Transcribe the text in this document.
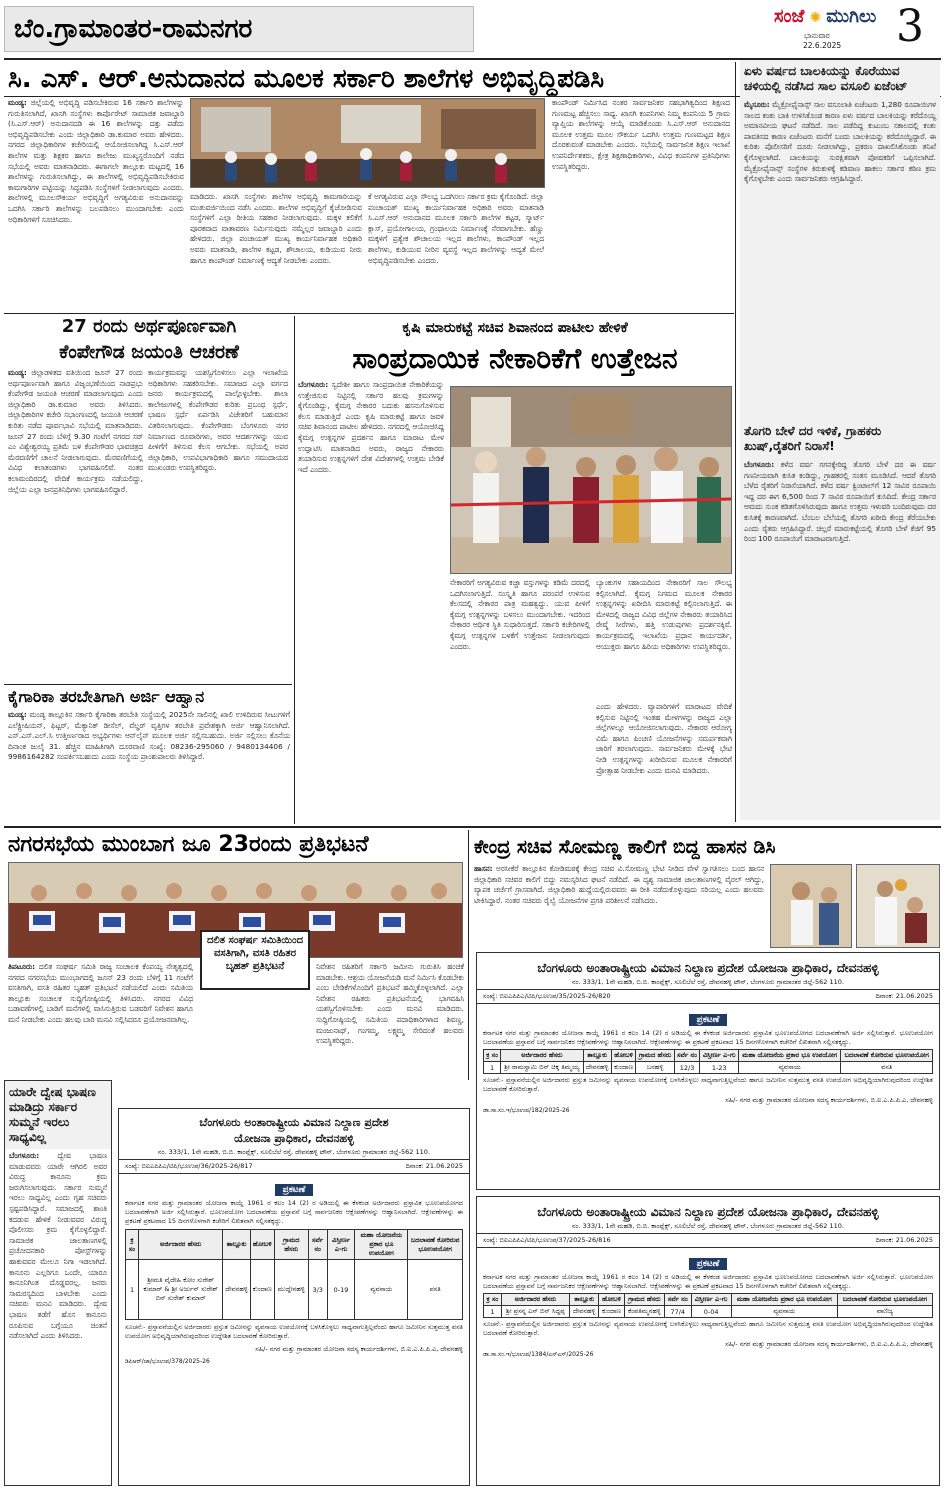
ಬೆಂ.ಗ್ರಾಮಾಂತರ-ರಾಮನಗರ	ಸಂಜೆ ✺ ಮುಗಿಲು
ಭಾನುವಾರ
22.6.2025 3
ಸಿ. ಎಸ್. ಆರ್.ಅನುದಾನದ ಮೂಲಕ ಸರ್ಕಾರಿ ಶಾಲೆಗಳ ಅಭಿವೃದ್ಧಿಪಡಿಸಿ
ಮಂಡ್ಯ: ಜಿಲ್ಲೆಯಲ್ಲಿ ಅಭಿವೃದ್ಧಿ ಪಡಿಸಬೇಕಿರುವ 16 ಸರ್ಕಾರಿ ಶಾಲೆಗಳನ್ನು ಗುರುತಿಸಲಾಗಿದೆ, ಖಾಸಗಿ ಸಂಸ್ಥೆಗಳು ಕಾರ್ಪೊರೇಟ್ ಸಾಮಾಜಿಕ ಜವಾಬ್ದಾರಿ (ಸಿ.ಎಸ್.ಆರ್) ಅನುದಾನದಡಿ ಈ 16 ಶಾಲೆಗಳನ್ನು ದತ್ತು ಪಡೆದು ಅಭಿವೃದ್ಧಿಪಡಿಸಬೇಕು ಎಂದು ಜಿಲ್ಲಾಧಿಕಾರಿ ಡಾ.ಕುಮಾರ ಅವರು ಹೇಳಿದರು. ನಗರದ ಜಿಲ್ಲಾಧಿಕಾರಿಗಳ ಕಚೇರಿಯಲ್ಲಿ ಆಯೋಜಿಸಲಾಗಿದ್ದ ಸಿ.ಎಸ್.ಆರ್ ಶಾಲೆಗಳ ಮತ್ತು ಶಿಕ್ಷಕರ ಹಾಗೂ ಕಾಲೇಜು ಮುಖ್ಯಸ್ಥರೊಂದಿಗೆ ನಡೆದ ಸಭೆಯಲ್ಲಿ ಅವರು ಮಾತನಾಡಿದರು. ಈಗಾಗಲೇ ತಾಲ್ಲೂಕು ಮಟ್ಟದಲ್ಲಿ 16 ಶಾಲೆಗಳನ್ನು ಗುರುತಿಸಲಾಗಿದ್ದು, ಈ ಶಾಲೆಗಳಲ್ಲಿ ಅಭಿವೃದ್ಧಿಪಡಿಸಬೇಕಿರುವ ಕಾಮಗಾರಿಗಳ ಪಟ್ಟಿಯನ್ನು ಸಿದ್ಧಪಡಿಸಿ ಸಂಸ್ಥೆಗಳಿಗೆ ನೀಡಲಾಗುವುದು ಎಂದರು. ಶಾಲೆಗಳಲ್ಲಿ ಮೂಲಸೌಕರ್ಯ ಅಭಿವೃದ್ಧಿಗೆ ಅಗತ್ಯವಿರುವ ಅನುದಾನವನ್ನು ಒದಗಿಸಿ ಸರ್ಕಾರಿ ಶಾಲೆಗಳನ್ನು ಬಲಪಡಿಸಲು ಮುಂದಾಗಬೇಕು ಎಂದು ಅಧಿಕಾರಿಗಳಿಗೆ ಸೂಚಿಸಿದರು.
ಮಾಡಿದರು. ಖಾಸಗಿ ಸಂಸ್ಥೆಗಳು ಶಾಲೆಗಳ ಅಭಿವೃದ್ಧಿ ಕಾಮಗಾರಿಯನ್ನು ಮುತುವರ್ಜಿಯಿಂದ ನಡೆಸಿ ಎಂದರು. ಶಾಲೆಗಳ ಅಭಿವೃದ್ಧಿಗೆ ಕೈಜೋಡಿಸುವ ಸಂಸ್ಥೆಗಳಿಗೆ ಎಲ್ಲಾ ರೀತಿಯ ಸಹಕಾರ ನೀಡಲಾಗುವುದು. ಮಕ್ಕಳ ಕಲಿಕೆಗೆ ಪೂರಕವಾದ ವಾತಾವರಣ ನಿರ್ಮಿಸುವುದು ನಮ್ಮೆಲ್ಲರ ಜವಾಬ್ದಾರಿ ಎಂದು ಹೇಳಿದರು. ಜಿಲ್ಲಾ ಪಂಚಾಯತ್ ಮುಖ್ಯ ಕಾರ್ಯನಿರ್ವಾಹಕ ಅಧಿಕಾರಿ ಅವರು ಮಾತನಾಡಿ, ಶಾಲೆಗಳ ಕಟ್ಟಡ, ಶೌಚಾಲಯ, ಕುಡಿಯುವ ನೀರು ಹಾಗೂ ಕಾಂಪೌಂಡ್ ನಿರ್ಮಾಣಕ್ಕೆ ಆದ್ಯತೆ ನೀಡಬೇಕು ಎಂದರು.
ಕೆ ಅಗತ್ಯವಿರುವ ಎಲ್ಲಾ ಸೌಲಭ್ಯ ಒದಗಿಸಲು ಸರ್ಕಾರ ಕ್ರಮ ಕೈಗೊಂಡಿದೆ. ಜಿಲ್ಲಾ ಪಂಚಾಯತ್ ಮುಖ್ಯ ಕಾರ್ಯನಿರ್ವಾಹಕ ಅಧಿಕಾರಿ ಅವರು ಮಾತನಾಡಿ ಸಿ.ಎಸ್.ಆರ್ ಅನುದಾನದ ಮೂಲಕ ಸರ್ಕಾರಿ ಶಾಲೆಗಳ ಕಟ್ಟಡ, ಸ್ಮಾರ್ಟ್ ಕ್ಲಾಸ್, ಪ್ರಯೋಗಾಲಯ, ಗ್ರಂಥಾಲಯ ನಿರ್ಮಾಣಕ್ಕೆ ನೆರವಾಗಬೇಕು. ಹೆಣ್ಣು ಮಕ್ಕಳಿಗೆ ಪ್ರತ್ಯೇಕ ಶೌಚಾಲಯ ಇಲ್ಲದ ಶಾಲೆಗಳು, ಕಾಂಪೌಂಡ್ ಇಲ್ಲದ ಶಾಲೆಗಳು, ಕುಡಿಯುವ ನೀರಿನ ವ್ಯವಸ್ಥೆ ಇಲ್ಲದ ಶಾಲೆಗಳನ್ನು ಆದ್ಯತೆ ಮೇಲೆ ಅಭಿವೃದ್ಧಿಪಡಿಸಬೇಕು ಎಂದರು.
ಕಾಂಪೌಂಡ್ ನಿರ್ಮಿಸಿದ ನಂತರ ಸಾರ್ವಜನಿಕರ ಸಹಭಾಗಿತ್ವದಿಂದ ಶಿಕ್ಷಣದ ಗುಣಮಟ್ಟ ಹೆಚ್ಚಿಸಲು ಸಾಧ್ಯ. ಖಾಸಗಿ ಕಂಪನಿಗಳು ನಿಮ್ಮ ಕಂಪನಿಯ 5 ಗ್ರಾಮ ವ್ಯಾಪ್ತಿಯ ಶಾಲೆಗಳನ್ನು ಆಯ್ಕೆ ಮಾಡಿಕೊಂಡು ಸಿ.ಎಸ್.ಆರ್ ಅನುದಾನದ ಮೂಲಕ ಉತ್ತಮ ಮೂಲ ಸೌಕರ್ಯ ಒದಗಿಸಿ ಉತ್ತಮ ಗುಣಮಟ್ಟದ ಶಿಕ್ಷಣ ದೊರಕುವಂತೆ ಮಾಡಬೇಕು ಎಂದರು. ಸಭೆಯಲ್ಲಿ ಸಾರ್ವಜನಿಕ ಶಿಕ್ಷಣ ಇಲಾಖೆ ಉಪನಿರ್ದೇಶಕರು, ಕ್ಷೇತ್ರ ಶಿಕ್ಷಣಾಧಿಕಾರಿಗಳು, ವಿವಿಧ ಕಂಪನಿಗಳ ಪ್ರತಿನಿಧಿಗಳು ಉಪಸ್ಥಿತರಿದ್ದರು.
ಏಳು ವರ್ಷದ ಬಾಲಕಿಯನ್ನು ಕೊರೆಯುವ ಚಳಿಯಲ್ಲಿ ನಡೆಸಿದ ಸಾಲ ವಸೂಲಿ ಏಜೆಂಟ್
ಮೈಸೂರು: ಮೈಕ್ರೋಫೈನಾನ್ಸ್ ಸಾಲ ವಸೂಲಾತಿ ಏಜೆಂಟರು 1,280 ರೂಪಾಯಿಗಳ ಸಾಲದ ಕಂತು ಬಾಕಿ ಉಳಿಸಿಕೊಂಡ ಕಾರಣ ಏಳು ವರ್ಷದ ಬಾಲಕಿಯನ್ನು ಕರೆದೊಯ್ದ ಅಮಾನವೀಯ ಘಟನೆ ನಡೆದಿದೆ. ಸಾಲ ಪಡೆದಿದ್ದ ಕುಟುಂಬ ಸಕಾಲದಲ್ಲಿ ಕಂತು ಪಾವತಿಸದ ಕಾರಣ ಏಜೆಂಟರು ಮನೆಗೆ ಬಂದು ಬಾಲಕಿಯನ್ನು ಕರೆದೊಯ್ದಿದ್ದಾರೆ. ಈ ಕುರಿತು ಪೊಲೀಸರಿಗೆ ದೂರು ನೀಡಲಾಗಿದ್ದು, ಪ್ರಕರಣ ದಾಖಲಿಸಿಕೊಂಡು ತನಿಖೆ ಕೈಗೊಳ್ಳಲಾಗಿದೆ. ಬಾಲಕಿಯನ್ನು ಸುರಕ್ಷಿತವಾಗಿ ಪೋಷಕರಿಗೆ ಒಪ್ಪಿಸಲಾಗಿದೆ. ಮೈಕ್ರೋಫೈನಾನ್ಸ್ ಸಂಸ್ಥೆಗಳ ಕಿರುಕುಳಕ್ಕೆ ಕಡಿವಾಣ ಹಾಕಲು ಸರ್ಕಾರ ಕಠಿಣ ಕ್ರಮ ಕೈಗೊಳ್ಳಬೇಕು ಎಂದು ಸಾರ್ವಜನಿಕರು ಆಗ್ರಹಿಸಿದ್ದಾರೆ.
ತೊಗರಿ ಬೇಳೆ ದರ ಇಳಿಕೆ, ಗ್ರಾಹಕರು ಖುಷ್,ರೈತರಿಗೆ ನಿರಾಸೆ!
ಬೆಂಗಳೂರು: ಕಳೆದ ವರ್ಷ ಗಗನಕ್ಕೇರಿದ್ದ ತೊಗರಿ ಬೇಳೆ ದರ ಈ ವರ್ಷ ಗಣನೀಯವಾಗಿ ಕುಸಿತ ಕಂಡಿದ್ದು, ಗ್ರಾಹಕರಲ್ಲಿ ಸಂತಸ ಮೂಡಿಸಿದೆ. ಆದರೆ ತೊಗರಿ ಬೆಳೆದ ರೈತರಿಗೆ ನಿರಾಸೆಯಾಗಿದೆ. ಕಳೆದ ವರ್ಷ ಕ್ವಿಂಟಾಲ್‌ಗೆ 12 ಸಾವಿರ ರೂಪಾಯಿ ಇದ್ದ ದರ ಈಗ 6,500 ರಿಂದ 7 ಸಾವಿರ ರೂಪಾಯಿಗೆ ಕುಸಿದಿದೆ. ಕೇಂದ್ರ ಸರ್ಕಾರ ಆಮದು ಸುಂಕ ಕಡಿತಗೊಳಿಸಿರುವುದು ಹಾಗೂ ಉತ್ತಮ ಇಳುವರಿ ಬಂದಿರುವುದು ದರ ಕುಸಿತಕ್ಕೆ ಕಾರಣವಾಗಿದೆ. ಬೆಂಬಲ ಬೆಲೆಯಲ್ಲಿ ತೊಗರಿ ಖರೀದಿ ಕೇಂದ್ರ ತೆರೆಯಬೇಕು ಎಂದು ರೈತರು ಆಗ್ರಹಿಸಿದ್ದಾರೆ. ಚಿಲ್ಲರೆ ಮಾರುಕಟ್ಟೆಯಲ್ಲಿ ತೊಗರಿ ಬೇಳೆ ಕೆಜಿಗೆ 95 ರಿಂದ 100 ರೂಪಾಯಿಗೆ ಮಾರಾಟವಾಗುತ್ತಿದೆ.
27 ರಂದು ಅರ್ಥಪೂರ್ಣವಾಗಿ
ಕೆಂಪೇಗೌಡ ಜಯಂತಿ ಆಚರಣೆ
ಮಂಡ್ಯ: ಜಿಲ್ಲಾಡಳಿತದ ವತಿಯಿಂದ ಜೂನ್ 27 ರಂದು ಅರ್ಥಪೂರ್ಣವಾಗಿ ಹಾಗೂ ವಿಜೃಂಭಣೆಯಿಂದ ನಾಡಪ್ರಭು ಕೆಂಪೇಗೌಡ ಜಯಂತಿ ಆಚರಣೆ ಮಾಡಲಾಗುವುದು ಎಂದು ಜಿಲ್ಲಾಧಿಕಾರಿ ಡಾ.ಕುಮಾರ ಅವರು ತಿಳಿಸಿದರು. ಜಿಲ್ಲಾಧಿಕಾರಿಗಳ ಕಚೇರಿ ಸಭಾಂಗಣದಲ್ಲಿ ಜಯಂತಿ ಆಚರಣೆ ಕುರಿತು ನಡೆದ ಪೂರ್ವಭಾವಿ ಸಭೆಯಲ್ಲಿ ಮಾತನಾಡಿದರು. ಜೂನ್ 27 ರಂದು ಬೆಳಿಗ್ಗೆ 9.30 ಗಂಟೆಗೆ ನಗರದ ಸರ್ ಎಂ ವಿಶ್ವೇಶ್ವರಯ್ಯ ಪ್ರತಿಮೆ ಬಳಿ ಕೆಂಪೇಗೌಡರ ಭಾವಚಿತ್ರದ ಮೆರವಣಿಗೆಗೆ ಚಾಲನೆ ನೀಡಲಾಗುವುದು. ಮೆರವಣಿಗೆಯಲ್ಲಿ ವಿವಿಧ ಕಲಾತಂಡಗಳು ಭಾಗವಹಿಸಲಿವೆ. ನಂತರ ಕಲಾಮಂದಿರದಲ್ಲಿ ವೇದಿಕೆ ಕಾರ್ಯಕ್ರಮ ನಡೆಯಲಿದ್ದು, ಜಿಲ್ಲೆಯ ಎಲ್ಲಾ ಜನಪ್ರತಿನಿಧಿಗಳು ಭಾಗವಹಿಸಲಿದ್ದಾರೆ.
ಕಾರ್ಯಕ್ರಮವನ್ನು ಯಶಸ್ವಿಗೊಳಿಸಲು ಎಲ್ಲಾ ಇಲಾಖೆಯ ಅಧಿಕಾರಿಗಳು ಸಹಕರಿಸಬೇಕು. ಸಮಾಜದ ಎಲ್ಲಾ ವರ್ಗದ ಜನರು ಕಾರ್ಯಕ್ರಮದಲ್ಲಿ ಪಾಲ್ಗೊಳ್ಳಬೇಕು. ಶಾಲಾ ಕಾಲೇಜುಗಳಲ್ಲಿ ಕೆಂಪೇಗೌಡರ ಕುರಿತು ಪ್ರಬಂಧ ಸ್ಪರ್ಧೆ, ಭಾಷಣ ಸ್ಪರ್ಧೆ ಏರ್ಪಡಿಸಿ ವಿಜೇತರಿಗೆ ಬಹುಮಾನ ವಿತರಿಸಲಾಗುವುದು. ಕೆಂಪೇಗೌಡರು ಬೆಂಗಳೂರು ನಗರ ನಿರ್ಮಾಣದ ರೂವಾರಿಗಳು, ಅವರ ಆದರ್ಶಗಳನ್ನು ಯುವ ಪೀಳಿಗೆಗೆ ತಿಳಿಸುವ ಕೆಲಸ ಆಗಬೇಕು. ಸಭೆಯಲ್ಲಿ ಅಪರ ಜಿಲ್ಲಾಧಿಕಾರಿ, ಉಪವಿಭಾಗಾಧಿಕಾರಿ ಹಾಗೂ ಸಮುದಾಯದ ಮುಖಂಡರು ಉಪಸ್ಥಿತರಿದ್ದರು.
ಕೈಗಾರಿಕಾ ತರಬೇತಿಗಾಗಿ ಅರ್ಜಿ ಆಹ್ವಾನ
ಮಂಡ್ಯ: ಮಂಡ್ಯ ತಾಲ್ಲೂಕಿನ ಸರ್ಕಾರಿ ಕೈಗಾರಿಕಾ ತರಬೇತಿ ಸಂಸ್ಥೆಯಲ್ಲಿ 2025ನೇ ಸಾಲಿನಲ್ಲಿ ಖಾಲಿ ಉಳಿದಿರುವ ಸೀಟುಗಳಿಗೆ ಎಲೆಕ್ಟ್ರೀಷಿಯನ್, ಫಿಟ್ಟರ್, ಮೆಕ್ಯಾನಿಕ್ ಡೀಸೆಲ್, ವೆಲ್ಡರ್ ವೃತ್ತಿಗಳ ತರಬೇತಿ ಪ್ರವೇಶಕ್ಕಾಗಿ ಅರ್ಜಿ ಆಹ್ವಾನಿಸಲಾಗಿದೆ. ಎಸ್.ಎಸ್.ಎಲ್.ಸಿ ಉತ್ತೀರ್ಣರಾದ ಅಭ್ಯರ್ಥಿಗಳು ಆನ್‌ಲೈನ್ ಮೂಲಕ ಅರ್ಜಿ ಸಲ್ಲಿಸಬಹುದು. ಅರ್ಜಿ ಸಲ್ಲಿಸಲು ಕೊನೆಯ ದಿನಾಂಕ ಜುಲೈ 31. ಹೆಚ್ಚಿನ ಮಾಹಿತಿಗಾಗಿ ದೂರವಾಣಿ ಸಂಖ್ಯೆ: 08236-295060 / 9480134406 / 9986164282 ಸಂಪರ್ಕಿಸಬಹುದು ಎಂದು ಸಂಸ್ಥೆಯ ಪ್ರಾಂಶುಪಾಲರು ತಿಳಿಸಿದ್ದಾರೆ.
ಕೃಷಿ ಮಾರುಕಟ್ಟೆ ಸಚಿವ ಶಿವಾನಂದ ಪಾಟೀಲ ಹೇಳಿಕೆ
ಸಾಂಪ್ರದಾಯಿಕ ನೇಕಾರಿಕೆಗೆ ಉತ್ತೇಜನ
ಬೆಂಗಳೂರು: ಸ್ವದೇಶೀ ಹಾಗೂ ಸಾಂಪ್ರದಾಯಿಕ ನೇಕಾರಿಕೆಯನ್ನು ಉತ್ತೇಜಿಸುವ ನಿಟ್ಟಿನಲ್ಲಿ ಸರ್ಕಾರ ಹಲವು ಕ್ರಮಗಳನ್ನು ಕೈಗೊಂಡಿದ್ದು, ಕೈಮಗ್ಗ ನೇಕಾರರ ಬದುಕು ಹಸನುಗೊಳಿಸುವ ಕೆಲಸ ಮಾಡುತ್ತಿದೆ ಎಂದು ಕೃಷಿ ಮಾರುಕಟ್ಟೆ ಹಾಗೂ ಜವಳಿ ಸಚಿವ ಶಿವಾನಂದ ಪಾಟೀಲ ಹೇಳಿದರು. ನಗರದಲ್ಲಿ ಆಯೋಜಿಸಿದ್ದ ಕೈಮಗ್ಗ ಉತ್ಪನ್ನಗಳ ಪ್ರದರ್ಶನ ಹಾಗೂ ಮಾರಾಟ ಮೇಳ ಉದ್ಘಾಟಿಸಿ ಮಾತನಾಡಿದ ಅವರು, ರಾಜ್ಯದ ನೇಕಾರರು ತಯಾರಿಸುವ ಉತ್ಪನ್ನಗಳಿಗೆ ದೇಶ ವಿದೇಶಗಳಲ್ಲಿ ಉತ್ತಮ ಬೇಡಿಕೆ ಇದೆ ಎಂದರು.
ನೇಕಾರರಿಗೆ ಅಗತ್ಯವಿರುವ ಕಚ್ಚಾ ವಸ್ತುಗಳನ್ನು ಕಡಿಮೆ ದರದಲ್ಲಿ ಒದಗಿಸಲಾಗುತ್ತಿದೆ. ಸಂಸ್ಕೃತಿ ಹಾಗೂ ಪರಂಪರೆ ಉಳಿಸುವ ಕೆಲಸದಲ್ಲಿ ನೇಕಾರರ ಪಾತ್ರ ಮಹತ್ವದ್ದು. ಯುವ ಪೀಳಿಗೆ ಕೈಮಗ್ಗ ಉತ್ಪನ್ನಗಳನ್ನು ಬಳಸಲು ಮುಂದಾಗಬೇಕು. ಇದರಿಂದ ನೇಕಾರರ ಆರ್ಥಿಕ ಸ್ಥಿತಿ ಸುಧಾರಿಸುತ್ತದೆ. ಸರ್ಕಾರಿ ಕಚೇರಿಗಳಲ್ಲಿ ಕೈಮಗ್ಗ ಉತ್ಪನ್ನಗಳ ಬಳಕೆಗೆ ಉತ್ತೇಜನ ನೀಡಲಾಗುವುದು ಎಂದರು.
ಬ್ಯಾಂಕುಗಳ ಸಹಾಯದಿಂದ ನೇಕಾರರಿಗೆ ಸಾಲ ಸೌಲಭ್ಯ ಕಲ್ಪಿಸಲಾಗಿದೆ. ಕೈಮಗ್ಗ ನಿಗಮದ ಮೂಲಕ ನೇಕಾರರ ಉತ್ಪನ್ನಗಳನ್ನು ಖರೀದಿಸಿ ಮಾರುಕಟ್ಟೆ ಕಲ್ಪಿಸಲಾಗುತ್ತಿದೆ. ಈ ಮೇಳದಲ್ಲಿ ರಾಜ್ಯದ ವಿವಿಧ ಜಿಲ್ಲೆಗಳ ನೇಕಾರರು ತಯಾರಿಸಿದ ರೇಷ್ಮೆ ಸೀರೆಗಳು, ಹತ್ತಿ ಉಡುಪುಗಳು ಪ್ರದರ್ಶನಕ್ಕಿವೆ. ಕಾರ್ಯಕ್ರಮದಲ್ಲಿ ಇಲಾಖೆಯ ಪ್ರಧಾನ ಕಾರ್ಯದರ್ಶಿ, ಆಯುಕ್ತರು ಹಾಗೂ ಹಿರಿಯ ಅಧಿಕಾರಿಗಳು ಉಪಸ್ಥಿತರಿದ್ದರು.
ಎಂದು ಹೇಳಿದರು. ವ್ಯಾಪಾರಿಗಳಿಗೆ ಮಾರಾಟದ ವೇದಿಕೆ ಕಲ್ಪಿಸುವ ನಿಟ್ಟಿನಲ್ಲಿ ಇಂತಹ ಮೇಳಗಳನ್ನು ರಾಜ್ಯದ ಎಲ್ಲಾ ಜಿಲ್ಲೆಗಳಲ್ಲೂ ಆಯೋಜಿಸಲಾಗುವುದು. ನೇಕಾರರ ಆರೋಗ್ಯ ವಿಮೆ ಹಾಗೂ ಪಿಂಚಣಿ ಯೋಜನೆಗಳನ್ನು ಸಮರ್ಪಕವಾಗಿ ಜಾರಿಗೆ ತರಲಾಗುವುದು. ಸಾರ್ವಜನಿಕರು ಮೇಳಕ್ಕೆ ಭೇಟಿ ನೀಡಿ ಉತ್ಪನ್ನಗಳನ್ನು ಖರೀದಿಸುವ ಮೂಲಕ ನೇಕಾರರಿಗೆ ಪ್ರೋತ್ಸಾಹ ನೀಡಬೇಕು ಎಂದು ಮನವಿ ಮಾಡಿದರು.
ನಗರಸಭೆಯ ಮುಂಬಾಗ ಜೂ 23ರಂದು ಪ್ರತಿಭಟನೆ
ದಲಿತ ಸಂಘರ್ಷ ಸಮಿತಿಯಿಂದ ವಸತಿಗಾಗಿ, ವಸತಿ ರಹಿತರ ಬೃಹತ್ ಪ್ರತಿಭಟನೆ
ತಿಪಟೂರು: ದಲಿತ ಸಂಘರ್ಷ ಸಮಿತಿ ರಾಜ್ಯ ಸಂಚಾಲಕ ಕೆಂಪಯ್ಯ ನೇತೃತ್ವದಲ್ಲಿ ನಗರದ ನಗರಸಭೆಯ ಮುಂಭಾಗದಲ್ಲಿ ಜೂನ್ 23 ರಂದು ಬೆಳಿಗ್ಗೆ 11 ಗಂಟೆಗೆ ವಸತಿಗಾಗಿ, ವಸತಿ ರಹಿತರ ಬೃಹತ್ ಪ್ರತಿಭಟನೆ ನಡೆಯಲಿದೆ ಎಂದು ಸಮಿತಿಯ ತಾಲ್ಲೂಕು ಸಂಚಾಲಕ ಸುದ್ದಿಗೋಷ್ಠಿಯಲ್ಲಿ ತಿಳಿಸಿದರು. ನಗರದ ವಿವಿಧ ಬಡಾವಣೆಗಳಲ್ಲಿ ಬಾಡಿಗೆ ಮನೆಗಳಲ್ಲಿ ವಾಸಿಸುತ್ತಿರುವ ಬಡವರಿಗೆ ನಿವೇಶನ ಹಾಗೂ ಮನೆ ನೀಡಬೇಕು ಎಂದು ಹಲವು ಬಾರಿ ಮನವಿ ಸಲ್ಲಿಸಿದರೂ ಪ್ರಯೋಜನವಾಗಿಲ್ಲ.
ನಿವೇಶನ ರಹಿತರಿಗೆ ಸರ್ಕಾರಿ ಜಮೀನು ಗುರುತಿಸಿ ಹಂಚಿಕೆ ಮಾಡಬೇಕು. ಆಶ್ರಯ ಯೋಜನೆಯಡಿ ಮನೆ ನಿರ್ಮಿಸಿ ಕೊಡಬೇಕು ಎಂಬ ಬೇಡಿಕೆಗಳೊಂದಿಗೆ ಪ್ರತಿಭಟನೆ ಹಮ್ಮಿಕೊಳ್ಳಲಾಗಿದೆ. ಎಲ್ಲಾ ನಿವೇಶನ ರಹಿತರು ಪ್ರತಿಭಟನೆಯಲ್ಲಿ ಭಾಗವಹಿಸಿ ಯಶಸ್ವಿಗೊಳಿಸಬೇಕು ಎಂದು ಮನವಿ ಮಾಡಿದರು. ಸುದ್ದಿಗೋಷ್ಠಿಯಲ್ಲಿ ಸಮಿತಿಯ ಪದಾಧಿಕಾರಿಗಳಾದ ಶಿವಣ್ಣ, ಮಂಜುನಾಥ್, ಗಂಗಮ್ಮ, ಲಕ್ಷ್ಮಮ್ಮ ಸೇರಿದಂತೆ ಹಲವರು ಉಪಸ್ಥಿತರಿದ್ದರು.
ಕೇಂದ್ರ ಸಚಿವ ಸೋಮಣ್ಣ ಕಾಲಿಗೆ ಬಿದ್ದ ಹಾಸನ ಡಿಸಿ
ಹಾಸನ: ಅರಸೀಕೆರೆ ತಾಲ್ಲೂಕಿನ ಕೋಡಿಮಠಕ್ಕೆ ಕೇಂದ್ರ ಸಚಿವ ವಿ.ಸೋಮಣ್ಣ ಭೇಟಿ ನೀಡಿದ ವೇಳೆ ಸ್ವಾಗತಿಸಲು ಬಂದ ಹಾಸನ ಜಿಲ್ಲಾಧಿಕಾರಿ ಸಚಿವರ ಕಾಲಿಗೆ ಬಿದ್ದು ನಮಸ್ಕರಿಸಿದ ಘಟನೆ ನಡೆದಿದೆ. ಈ ದೃಶ್ಯ ಸಾಮಾಜಿಕ ಜಾಲತಾಣಗಳಲ್ಲಿ ವೈರಲ್ ಆಗಿದ್ದು, ವ್ಯಾಪಕ ಚರ್ಚೆಗೆ ಗ್ರಾಸವಾಗಿದೆ. ಜಿಲ್ಲಾಧಿಕಾರಿ ಹುದ್ದೆಯಲ್ಲಿರುವವರು ಈ ರೀತಿ ನಡೆದುಕೊಳ್ಳುವುದು ಸರಿಯಲ್ಲ ಎಂದು ಹಲವರು ಟೀಕಿಸಿದ್ದಾರೆ. ನಂತರ ಸಚಿವರು ರೈಲ್ವೆ ಯೋಜನೆಗಳ ಪ್ರಗತಿ ಪರಿಶೀಲನೆ ನಡೆಸಿದರು.
ಬೆಂಗಳೂರು ಅಂತಾರಾಷ್ಟ್ರೀಯ ವಿಮಾನ ನಿಲ್ದಾಣ ಪ್ರದೇಶ ಯೋಜನಾ ಪ್ರಾಧಿಕಾರ, ದೇವನಹಳ್ಳಿ
ನಂ. 333/1, 1ನೇ ಮಹಡಿ, ಬಿ.ಬಿ. ಕಾಂಪ್ಲೆಕ್ಸ್, ಸೂಲಿಬೆಲೆ ರಸ್ತೆ, ದೇವನಹಳ್ಳಿ ಟೌನ್, ಬೆಂಗಳೂರು ಗ್ರಾಮಾಂತರ ಜಿಲ್ಲೆ-562 110.
ಸಂಖ್ಯೆ: ಬಿಐಎಪಿಪಿಎ/ಟಿಪಿ/ಭೂಉಪ/35/2025-26/820	ದಿನಾಂಕ: 21.06.2025
ಪ್ರಕಟಣೆ
ಕರ್ನಾಟಕ ನಗರ ಮತ್ತು ಗ್ರಾಮಾಂತರ ಯೋಜನಾ ಕಾಯ್ದೆ 1961 ರ ಕಲಂ 14 (2) ರ ಅಡಿಯಲ್ಲಿ ಈ ಕೆಳಕಂಡ ಅರ್ಜಿದಾರರು ಪ್ರಸ್ತಾವಿತ ಭೂಉಪಯೋಗದ ಬದಲಾವಣೆಗಾಗಿ ಅರ್ಜಿ ಸಲ್ಲಿಸಿರುತ್ತಾರೆ. ಭೂಉಪಯೋಗ ಬದಲಾವಣೆಯ ಪ್ರಸ್ತಾವನೆ ಬಗ್ಗೆ ಸಾರ್ವಜನಿಕರ ಆಕ್ಷೇಪಣೆಗಳನ್ನು ಆಹ್ವಾನಿಸಲಾಗಿದೆ. ಆಕ್ಷೇಪಣೆಗಳನ್ನು ಈ ಪ್ರಕಟಣೆ ಪ್ರಕಟವಾದ 15 ದಿನಗಳೊಳಗಾಗಿ ಕಚೇರಿಗೆ ಲಿಖಿತವಾಗಿ ಸಲ್ಲಿಸತಕ್ಕದ್ದು.
ಕ್ರ ಸಂ	ಅರ್ಜಿದಾರರ ಹೆಸರು	ತಾಲ್ಲೂಕು	ಹೋಬಳಿ	ಗ್ರಾಮದ ಹೆಸರು	ಸರ್ವೆ ನಂ	ವಿಸ್ತೀರ್ಣ ಎ-ಗು	ಮಹಾ ಯೋಜನೆಯ ಪ್ರಕಾರ ಭೂ ಉಪಯೋಗ	ಬದಲಾವಣೆ ಕೋರಿರುವ ಭೂಉಪಯೋಗ
1	ಶ್ರೀ ರಾಮಸ್ವಾಮಿ ಬಿನ್ ಚಿಕ್ಕ ತಿಮ್ಮಯ್ಯ	ದೇವನಹಳ್ಳಿ	ಕುಂದಾಣ	ಬನಹಳ್ಳಿ	12/3	1-23	ವ್ಯವಸಾಯ	ವಸತಿ
ಸೂಚನೆ:- ಪ್ರಸ್ತಾವನೆಯಲ್ಲಿನ ಅರ್ಜಿದಾರರು ಪ್ರಸ್ತುತ ಜಮೀನನ್ನು ವ್ಯವಸಾಯ ಉಪಯೋಗಕ್ಕೆ ಬಳಸಿಕೊಳ್ಳಲು ಸಾಧ್ಯವಾಗುತ್ತಿಲ್ಲವೆಂದು ಹಾಗೂ ಜಮೀನಿನ ಸುತ್ತಮುತ್ತ ವಸತಿ ಉಪಯೋಗ ಅಭಿವೃದ್ಧಿಯಾಗಿರುವುದರಿಂದ ಉದ್ದೇಶಿತ ಬದಲಾವಣೆ ಕೋರಿರುತ್ತಾರೆ.
ಸಹಿ/- ನಗರ ಮತ್ತು ಗ್ರಾಮಾಂತರ ಯೋಜನಾ ಸದಸ್ಯ ಕಾರ್ಯದರ್ಶಿಗಳು, ಬಿ.ಐ.ಎ.ಪಿ.ಪಿ.ಎ, ದೇವನಹಳ್ಳಿ
ಡಾ.ಸಾ.ಸಂ.ಇ/ಭೂಉಪ/182/2025-26
ಬೆಂಗಳೂರು ಅಂತಾರಾಷ್ಟ್ರೀಯ ವಿಮಾನ ನಿಲ್ದಾಣ ಪ್ರದೇಶ ಯೋಜನಾ ಪ್ರಾಧಿಕಾರ, ದೇವನಹಳ್ಳಿ
ನಂ. 333/1, 1ನೇ ಮಹಡಿ, ಬಿ.ಬಿ. ಕಾಂಪ್ಲೆಕ್ಸ್, ಸೂಲಿಬೆಲೆ ರಸ್ತೆ, ದೇವನಹಳ್ಳಿ ಟೌನ್, ಬೆಂಗಳೂರು ಗ್ರಾಮಾಂತರ ಜಿಲ್ಲೆ-562 110.
ಸಂಖ್ಯೆ: ಬಿಐಎಪಿಪಿಎ/ಟಿಪಿ/ಭೂಉಪ/37/2025-26/816	ದಿನಾಂಕ: 21.06.2025
ಪ್ರಕಟಣೆ
ಕರ್ನಾಟಕ ನಗರ ಮತ್ತು ಗ್ರಾಮಾಂತರ ಯೋಜನಾ ಕಾಯ್ದೆ 1961 ರ ಕಲಂ 14 (2) ರ ಅಡಿಯಲ್ಲಿ ಈ ಕೆಳಕಂಡ ಅರ್ಜಿದಾರರು ಪ್ರಸ್ತಾವಿತ ಭೂಉಪಯೋಗದ ಬದಲಾವಣೆಗಾಗಿ ಅರ್ಜಿ ಸಲ್ಲಿಸಿರುತ್ತಾರೆ. ಭೂಉಪಯೋಗ ಬದಲಾವಣೆಯ ಪ್ರಸ್ತಾವನೆ ಬಗ್ಗೆ ಸಾರ್ವಜನಿಕರ ಆಕ್ಷೇಪಣೆಗಳನ್ನು ಆಹ್ವಾನಿಸಲಾಗಿದೆ. ಆಕ್ಷೇಪಣೆಗಳನ್ನು ಈ ಪ್ರಕಟಣೆ ಪ್ರಕಟವಾದ 15 ದಿನಗಳೊಳಗಾಗಿ ಕಚೇರಿಗೆ ಲಿಖಿತವಾಗಿ ಸಲ್ಲಿಸತಕ್ಕದ್ದು.
ಕ್ರ ಸಂ	ಅರ್ಜಿದಾರರ ಹೆಸರು	ತಾಲ್ಲೂಕು	ಹೋಬಳಿ	ಗ್ರಾಮದ ಹೆಸರು	ಸರ್ವೆ ನಂ	ವಿಸ್ತೀರ್ಣ ಎ-ಗು	ಮಹಾ ಯೋಜನೆಯ ಪ್ರಕಾರ ಭೂ ಉಪಯೋಗ	ಬದಲಾವಣೆ ಕೋರಿರುವ ಭೂಉಪಯೋಗ
1	ಶ್ರೀ ಪ್ರಸನ್ನ ಎಸ್ ಬಿನ್ ಸಿದ್ದಪ್ಪ	ದೇವನಹಳ್ಳಿ	ಕುಂದಾಣ	ಕೆಂಪತಿಮ್ಮನಹಳ್ಳಿ	77/4	0-04	ವ್ಯವಸಾಯ	ವಾಣಿಜ್ಯ
ಸೂಚನೆ:- ಪ್ರಸ್ತಾವನೆಯಲ್ಲಿನ ಅರ್ಜಿದಾರರು ಪ್ರಸ್ತುತ ಜಮೀನನ್ನು ವ್ಯವಸಾಯ ಉಪಯೋಗಕ್ಕೆ ಬಳಸಿಕೊಳ್ಳಲು ಸಾಧ್ಯವಾಗುತ್ತಿಲ್ಲವೆಂದು ಹಾಗೂ ಜಮೀನಿನ ಸುತ್ತಮುತ್ತ ವಸತಿ ಉಪಯೋಗ ಅಭಿವೃದ್ಧಿಯಾಗಿರುವುದರಿಂದ ಉದ್ದೇಶಿತ ಬದಲಾವಣೆ ಕೋರಿರುತ್ತಾರೆ.
ಸಹಿ/- ನಗರ ಮತ್ತು ಗ್ರಾಮಾಂತರ ಯೋಜನಾ ಸದಸ್ಯ ಕಾರ್ಯದರ್ಶಿಗಳು, ಬಿ.ಐ.ಎ.ಪಿ.ಪಿ.ಎ, ದೇವನಹಳ್ಳಿ
ಡಾ.ಸಾ.ಸಂ.ಇ/ಭೂಉಪ/1384/ಎಸ್‌ಎಸ್/2025-26
ಯಾರೇ ದ್ವೇಷ ಭಾಷಣ ಮಾಡಿದ್ರು ಸರ್ಕಾರ ಸುಮ್ಮನೆ ಇರಲು ಸಾಧ್ಯವಿಲ್ಲ
ಬೆಂಗಳೂರು:	ದ್ವೇಷ ಭಾಷಣ ಮಾಡುವವರು ಯಾರೇ ಆಗಿರಲಿ ಅವರ ವಿರುದ್ಧ ಕಾನೂನು ಕ್ರಮ ಜರುಗಿಸಲಾಗುವುದು. ಸರ್ಕಾರ ಸುಮ್ಮನೆ ಇರಲು ಸಾಧ್ಯವಿಲ್ಲ ಎಂದು ಗೃಹ ಸಚಿವರು ಸ್ಪಷ್ಟಪಡಿಸಿದ್ದಾರೆ. ಸಮಾಜದಲ್ಲಿ ಶಾಂತಿ ಕದಡುವ ಹೇಳಿಕೆ ನೀಡುವವರ ವಿರುದ್ಧ ಪೊಲೀಸರು ಕ್ರಮ ಕೈಗೊಳ್ಳಲಿದ್ದಾರೆ. ಸಾಮಾಜಿಕ ಜಾಲತಾಣಗಳಲ್ಲಿ ಪ್ರಚೋದನಕಾರಿ ಪೋಸ್ಟ್‌ಗಳನ್ನು ಹಾಕುವವರ ಮೇಲೂ ನಿಗಾ ಇಡಲಾಗಿದೆ. ಕಾನೂನು ಎಲ್ಲರಿಗೂ ಒಂದೇ, ಯಾರೂ ಕಾನೂನಿಗಿಂತ ದೊಡ್ಡವರಲ್ಲ. ಜನರು ಸಾಮರಸ್ಯದಿಂದ ಬಾಳಬೇಕು ಎಂದು ಸಚಿವರು ಮನವಿ ಮಾಡಿದರು. ದ್ವೇಷ ಭಾಷಣ ತಡೆಗೆ ಹೊಸ ಕಾನೂನು ರೂಪಿಸುವ ಬಗ್ಗೆಯೂ ಚಿಂತನೆ ನಡೆಸಲಾಗಿದೆ ಎಂದು ತಿಳಿಸಿದರು.
ಬೆಂಗಳೂರು ಅಂತಾರಾಷ್ಟ್ರೀಯ ವಿಮಾನ ನಿಲ್ದಾಣ ಪ್ರದೇಶ
ಯೋಜನಾ ಪ್ರಾಧಿಕಾರ, ದೇವನಹಳ್ಳಿ
ನಂ. 333/1, 1ನೇ ಮಹಡಿ, ಬಿ.ಬಿ. ಕಾಂಪ್ಲೆಕ್ಸ್, ಸೂಲಿಬೆಲೆ ರಸ್ತೆ, ದೇವನಹಳ್ಳಿ ಟೌನ್, ಬೆಂಗಳೂರು ಗ್ರಾಮಾಂತರ ಜಿಲ್ಲೆ-562 110.
ಸಂಖ್ಯೆ: ಬಿಐಎಪಿಪಿಎ/ಟಿಪಿ/ಭೂಉಪ/36/2025-26/817	ದಿನಾಂಕ: 21.06.2025
ಪ್ರಕಟಣೆ
ಕರ್ನಾಟಕ ನಗರ ಮತ್ತು ಗ್ರಾಮಾಂತರ ಯೋಜನಾ ಕಾಯ್ದೆ 1961 ರ ಕಲಂ 14 (2) ರ ಅಡಿಯಲ್ಲಿ ಈ ಕೆಳಕಂಡ ಅರ್ಜಿದಾರರು ಪ್ರಸ್ತಾವಿತ ಭೂಉಪಯೋಗದ ಬದಲಾವಣೆಗಾಗಿ ಅರ್ಜಿ ಸಲ್ಲಿಸಿರುತ್ತಾರೆ. ಭೂಉಪಯೋಗ ಬದಲಾವಣೆಯ ಪ್ರಸ್ತಾವನೆ ಬಗ್ಗೆ ಸಾರ್ವಜನಿಕರ ಆಕ್ಷೇಪಣೆಗಳನ್ನು ಆಹ್ವಾನಿಸಲಾಗಿದೆ. ಆಕ್ಷೇಪಣೆಗಳನ್ನು ಈ ಪ್ರಕಟಣೆ ಪ್ರಕಟವಾದ 15 ದಿನಗಳೊಳಗಾಗಿ ಕಚೇರಿಗೆ ಲಿಖಿತವಾಗಿ ಸಲ್ಲಿಸತಕ್ಕದ್ದು.
ಕ್ರ ಸಂ	ಅರ್ಜಿದಾರರ ಹೆಸರು	ತಾಲ್ಲೂಕು	ಹೋಬಳಿ	ಗ್ರಾಮದ ಹೆಸರು	ಸರ್ವೆ ನಂ	ವಿಸ್ತೀರ್ಣ ಎ-ಗು	ಮಹಾ ಯೋಜನೆಯ ಪ್ರಕಾರ ಭೂ ಉಪಯೋಗ	ಬದಲಾವಣೆ ಕೋರಿರುವ ಭೂಉಪಯೋಗ
1	ಶ್ರೀಮತಿ ವೈದೇಹಿ ಕೋಂ ಸುರೇಶ್ ಕುಮಾರ್ & ಶ್ರೀ ಅರ್ಜುನ್ ಸುರೇಶ್ ಬಿನ್ ಸುರೇಶ್ ಕುಮಾರ್	ದೇವನಹಳ್ಳಿ	ಕುಂದಾಣ	ಮುದ್ದೇನಹಳ್ಳಿ	3/3	0-19	ವ್ಯವಸಾಯ	ವಸತಿ
ಸೂಚನೆ:- ಪ್ರಸ್ತಾವನೆಯಲ್ಲಿನ ಅರ್ಜಿದಾರರು ಪ್ರಸ್ತುತ ಜಮೀನನ್ನು ವ್ಯವಸಾಯ ಉಪಯೋಗಕ್ಕೆ ಬಳಸಿಕೊಳ್ಳಲು ಸಾಧ್ಯವಾಗುತ್ತಿಲ್ಲವೆಂದು ಹಾಗೂ ಜಮೀನಿನ ಸುತ್ತಮುತ್ತ ವಸತಿ ಉಪಯೋಗ ಅಭಿವೃದ್ಧಿಯಾಗಿರುವುದರಿಂದ ಉದ್ದೇಶಿತ ಬದಲಾವಣೆ ಕೋರಿರುತ್ತಾರೆ.
ಸಹಿ/- ನಗರ ಮತ್ತು ಗ್ರಾಮಾಂತರ ಯೋಜನಾ ಸದಸ್ಯ ಕಾರ್ಯದರ್ಶಿಗಳು, ಬಿ.ಐ.ಎ.ಪಿ.ಪಿ.ಎ, ದೇವನಹಳ್ಳಿ
ಡಿಪಿಆರ್/ಜಾ/ಭೂಉಪ/378/2025-26
